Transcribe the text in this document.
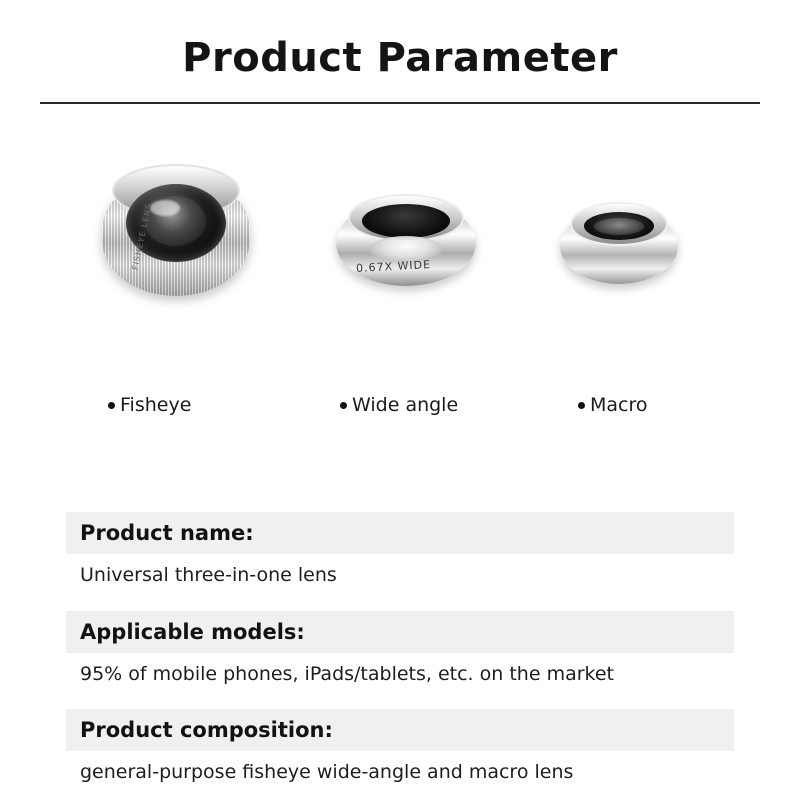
Product Parameter
FISHEYE LENS	0.67X WIDE
Fisheye	Wide angle	Macro
Product name:
Universal three-in-one lens
Applicable models:
95% of mobile phones, iPads/tablets, etc. on the market
Product composition:
general-purpose fisheye wide-angle and macro lens
